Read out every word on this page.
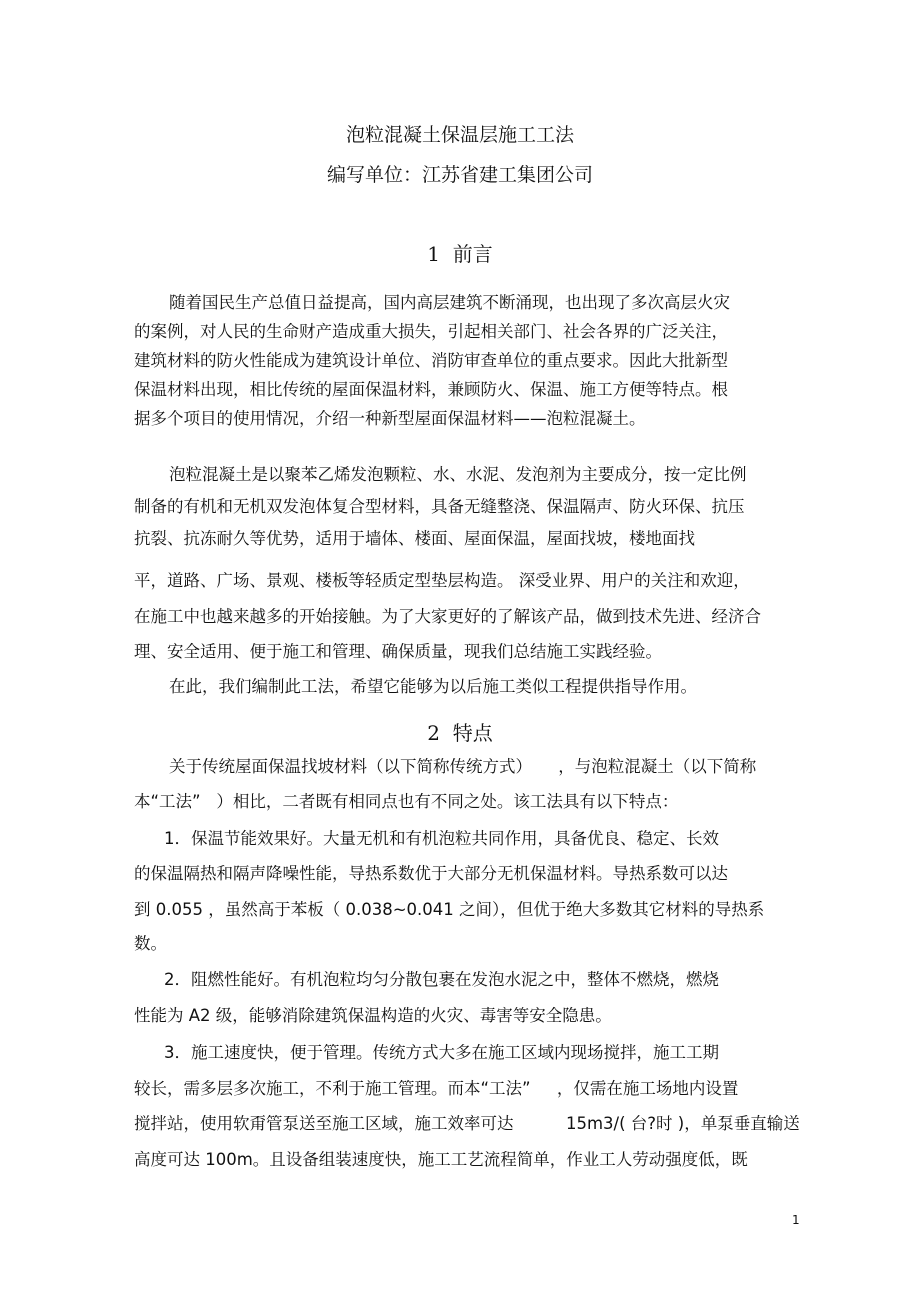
泡粒混凝土保温层施工工法
编写单位：江苏省建工集团公司
1  前言
随着国民生产总值日益提高，国内高层建筑不断涌现，也出现了多次高层火灾
的案例，对人民的生命财产造成重大损失，引起相关部门、社会各界的广泛关注，
建筑材料的防火性能成为建筑设计单位、消防审查单位的重点要求。因此大批新型
保温材料出现，相比传统的屋面保温材料，兼顾防火、保温、施工方便等特点。根
据多个项目的使用情况，介绍一种新型屋面保温材料——泡粒混凝土。
泡粒混凝土是以聚苯乙烯发泡颗粒、水、水泥、发泡剂为主要成分，按一定比例
制备的有机和无机双发泡体复合型材料，具备无缝整浇、保温隔声、防火环保、抗压
抗裂、抗冻耐久等优势，适用于墙体、楼面、屋面保温，屋面找坡，楼地面找
平，道路、广场、景观、楼板等轻质定型垫层构造。 深受业界、用户的关注和欢迎，
在施工中也越来越多的开始接触。为了大家更好的了解该产品，做到技术先进、经济合
理、安全适用、便于施工和管理、确保质量，现我们总结施工实践经验。
在此，我们编制此工法，希望它能够为以后施工类似工程提供指导作用。
2  特点
关于传统屋面保温找坡材料（以下简称传统方式）     ，与泡粒混凝土（以下简称
本“工法”   ）相比，二者既有相同点也有不同之处。该工法具有以下特点：
1．保温节能效果好。大量无机和有机泡粒共同作用，具备优良、稳定、长效
的保温隔热和隔声降噪性能，导热系数优于大部分无机保温材料。导热系数可以达
到 0.055 ，虽然高于苯板（ 0.038~0.041 之间），但优于绝大多数其它材料的导热系
数。
2．阻燃性能好。有机泡粒均匀分散包裹在发泡水泥之中，整体不燃烧，燃烧
性能为 A2 级，能够消除建筑保温构造的火灾、毒害等安全隐患。
3．施工速度快，便于管理。传统方式大多在施工区域内现场搅拌，施工工期
较长，需多层多次施工，不利于施工管理。而本“工法”     ，仅需在施工场地内设置
搅拌站，使用软甭管泵送至施工区域，施工效率可达          15m3/( 台?时 )，单泵垂直输送
高度可达 100m。且设备组装速度快，施工工艺流程简单，作业工人劳动强度低，既
1
